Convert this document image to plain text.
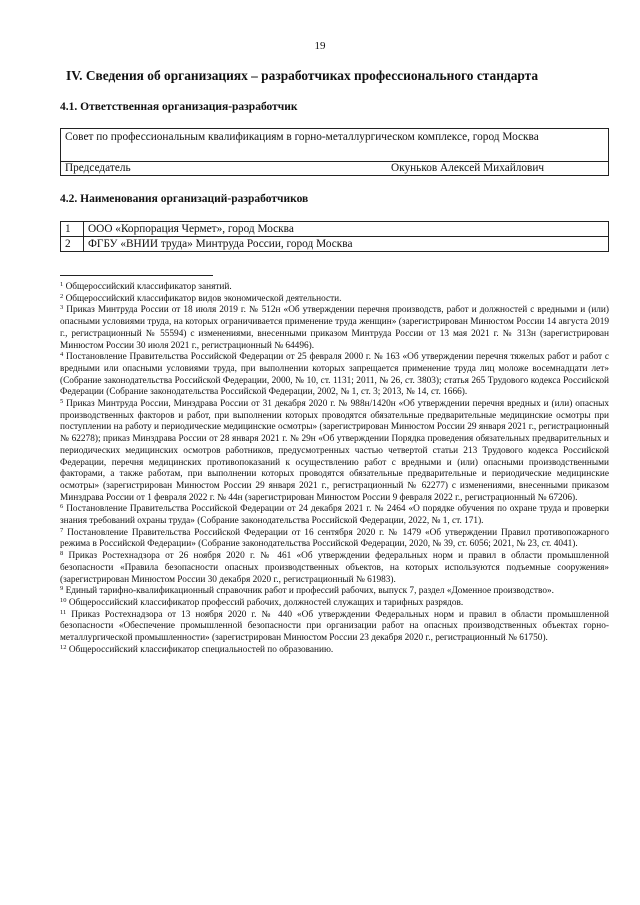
19
IV. Сведения об организациях – разработчиках профессионального стандарта
4.1. Ответственная организация-разработчик
Совет по профессиональным квалификациям в горно-металлургическом комплексе, город Москва
Председатель	Окуньков Алексей Михайлович
4.2. Наименования организаций-разработчиков
1	ООО «Корпорация Чермет», город Москва
2	ФГБУ «ВНИИ труда» Минтруда России, город Москва

$^1$ Общероссийский классификатор занятий.

$^2$ Общероссийский классификатор видов экономической деятельности.

$^3$ Приказ Минтруда России от 18 июля 2019 г. № 512н «Об утверждении перечня производств, работ и должностей с вредными и (или) опасными условиями труда, на которых ограничивается применение труда женщин» (зарегистрирован Минюстом России 14 августа 2019 г., регистрационный № 55594) с изменениями, внесенными приказом Минтруда России от 13 мая 2021 г. № 313н (зарегистрирован Минюстом России 30 июля 2021 г., регистрационный № 64496).

$^4$ Постановление Правительства Российской Федерации от 25 февраля 2000 г. № 163 «Об утверждении перечня тяжелых работ и работ с вредными или опасными условиями труда, при выполнении которых запрещается применение труда лиц моложе восемнадцати лет» (Собрание законодательства Российской Федерации, 2000, № 10, ст. 1131; 2011, № 26, ст. 3803); статья 265 Трудового кодекса Российской Федерации (Собрание законодательства Российской Федерации, 2002, № 1, ст. 3; 2013, № 14, ст. 1666).

$^5$ Приказ Минтруда России, Минздрава России от 31 декабря 2020 г. № 988н/1420н «Об утверждении перечня вредных и (или) опасных производственных факторов и работ, при выполнении которых проводятся обязательные предварительные медицинские осмотры при поступлении на работу и периодические медицинские осмотры» (зарегистрирован Минюстом России 29 января 2021 г., регистрационный № 62278); приказ Минздрава России от 28 января 2021 г. № 29н «Об утверждении Порядка проведения обязательных предварительных и периодических медицинских осмотров работников, предусмотренных частью четвертой статьи 213 Трудового кодекса Российской Федерации, перечня медицинских противопоказаний к осуществлению работ с вредными и (или) опасными производственными факторами, а также работам, при выполнении которых проводятся обязательные предварительные и периодические медицинские осмотры» (зарегистрирован Минюстом России 29 января 2021 г., регистрационный № 62277) с изменениями, внесенными приказом Минздрава России от 1 февраля 2022 г. № 44н (зарегистрирован Минюстом России 9 февраля 2022 г., регистрационный № 67206).

$^6$ Постановление Правительства Российской Федерации от 24 декабря 2021 г. № 2464 «О порядке обучения по охране труда и проверки знания требований охраны труда» (Собрание законодательства Российской Федерации, 2022, № 1, ст. 171).

$^7$ Постановление Правительства Российской Федерации от 16 сентября 2020 г. № 1479 «Об утверждении Правил противопожарного режима в Российской Федерации» (Собрание законодательства Российской Федерации, 2020, № 39, ст. 6056; 2021, № 23, ст. 4041).

$^8$ Приказ Ростехнадзора от 26 ноября 2020 г. № 461 «Об утверждении федеральных норм и правил в области промышленной безопасности «Правила безопасности опасных производственных объектов, на которых используются подъемные сооружения» (зарегистрирован Минюстом России 30 декабря 2020 г., регистрационный № 61983).

$^9$ Единый тарифно-квалификационный справочник работ и профессий рабочих, выпуск 7, раздел «Доменное производство».

$^{10}$ Общероссийский классификатор профессий рабочих, должностей служащих и тарифных разрядов.

$^{11}$ Приказ Ростехнадзора от 13 ноября 2020 г. № 440 «Об утверждении Федеральных норм и правил в области промышленной безопасности «Обеспечение промышленной безопасности при организации работ на опасных производственных объектах горно-металлургической промышленности» (зарегистрирован Минюстом России 23 декабря 2020 г., регистрационный № 61750).

$^{12}$ Общероссийский классификатор специальностей по образованию.
